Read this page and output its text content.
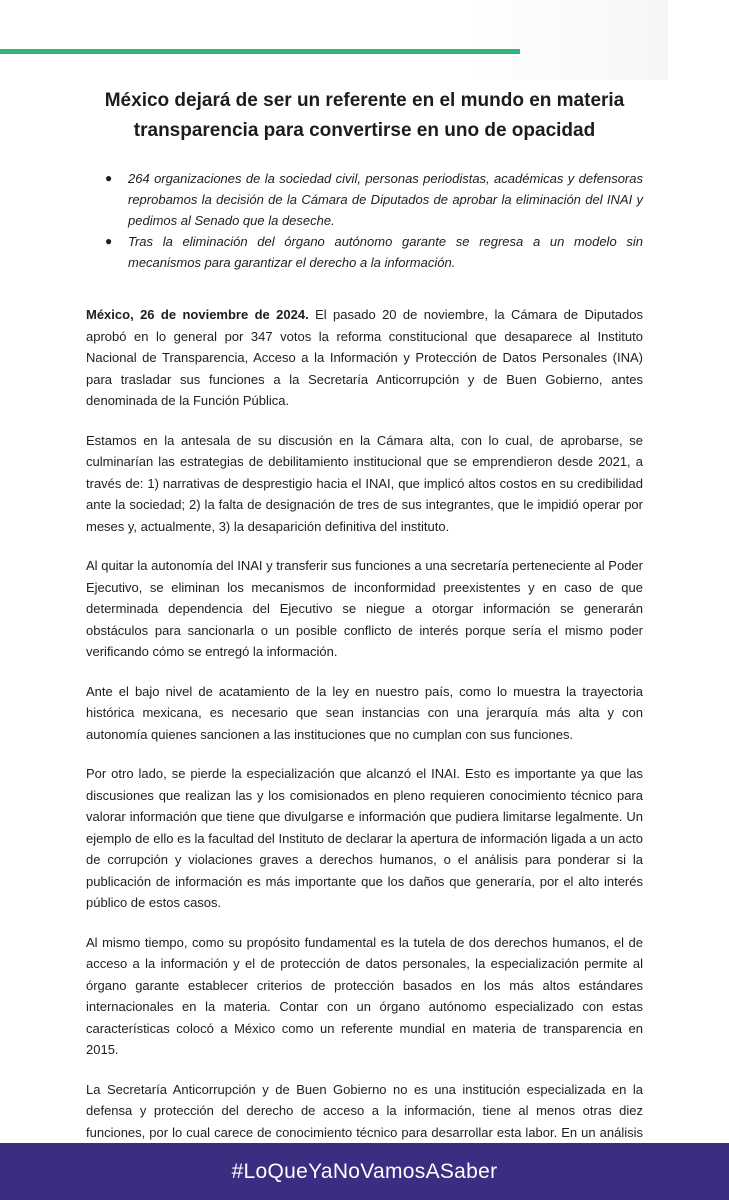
México dejará de ser un referente en el mundo en materia transparencia para convertirse en uno de opacidad
● 264 organizaciones de la sociedad civil, personas periodistas, académicas y defensoras reprobamos la decisión de la Cámara de Diputados de aprobar la eliminación del INAI y pedimos al Senado que la deseche.
● Tras la eliminación del órgano autónomo garante se regresa a un modelo sin mecanismos para garantizar el derecho a la información.

México, 26 de noviembre de 2024. El pasado 20 de noviembre, la Cámara de Diputados aprobó en lo general por 347 votos la reforma constitucional que desaparece al Instituto Nacional de Transparencia, Acceso a la Información y Protección de Datos Personales (INA) para trasladar sus funciones a la Secretaría Anticorrupción y de Buen Gobierno, antes denominada de la Función Pública.

Estamos en la antesala de su discusión en la Cámara alta, con lo cual, de aprobarse, se culminarían las estrategias de debilitamiento institucional que se emprendieron desde 2021, a través de: 1) narrativas de desprestigio hacia el INAI, que implicó altos costos en su credibilidad ante la sociedad; 2) la falta de designación de tres de sus integrantes, que le impidió operar por meses y, actualmente, 3) la desaparición definitiva del instituto.

Al quitar la autonomía del INAI y transferir sus funciones a una secretaría perteneciente al Poder Ejecutivo, se eliminan los mecanismos de inconformidad preexistentes y en caso de que determinada dependencia del Ejecutivo se niegue a otorgar información se generarán obstáculos para sancionarla o un posible conflicto de interés porque sería el mismo poder verificando cómo se entregó la información.

Ante el bajo nivel de acatamiento de la ley en nuestro país, como lo muestra la trayectoria histórica mexicana, es necesario que sean instancias con una jerarquía más alta y con autonomía quienes sancionen a las instituciones que no cumplan con sus funciones.

Por otro lado, se pierde la especialización que alcanzó el INAI. Esto es importante ya que las discusiones que realizan las y los comisionados en pleno requieren conocimiento técnico para valorar información que tiene que divulgarse e información que pudiera limitarse legalmente. Un ejemplo de ello es la facultad del Instituto de declarar la apertura de información ligada a un acto de corrupción y violaciones graves a derechos humanos, o el análisis para ponderar si la publicación de información es más importante que los daños que generaría, por el alto interés público de estos casos.

Al mismo tiempo, como su propósito fundamental es la tutela de dos derechos humanos, el de acceso a la información y el de protección de datos personales, la especialización permite al órgano garante establecer criterios de protección basados en los más altos estándares internacionales en la materia. Contar con un órgano autónomo especializado con estas características colocó a México como un referente mundial en materia de transparencia en 2015.

La Secretaría Anticorrupción y de Buen Gobierno no es una institución especializada en la defensa y protección del derecho de acceso a la información, tiene al menos otras diez funciones, por lo cual carece de conocimiento técnico para desarrollar esta labor. En un análisis

#LoQueYaNoVamosASaber
